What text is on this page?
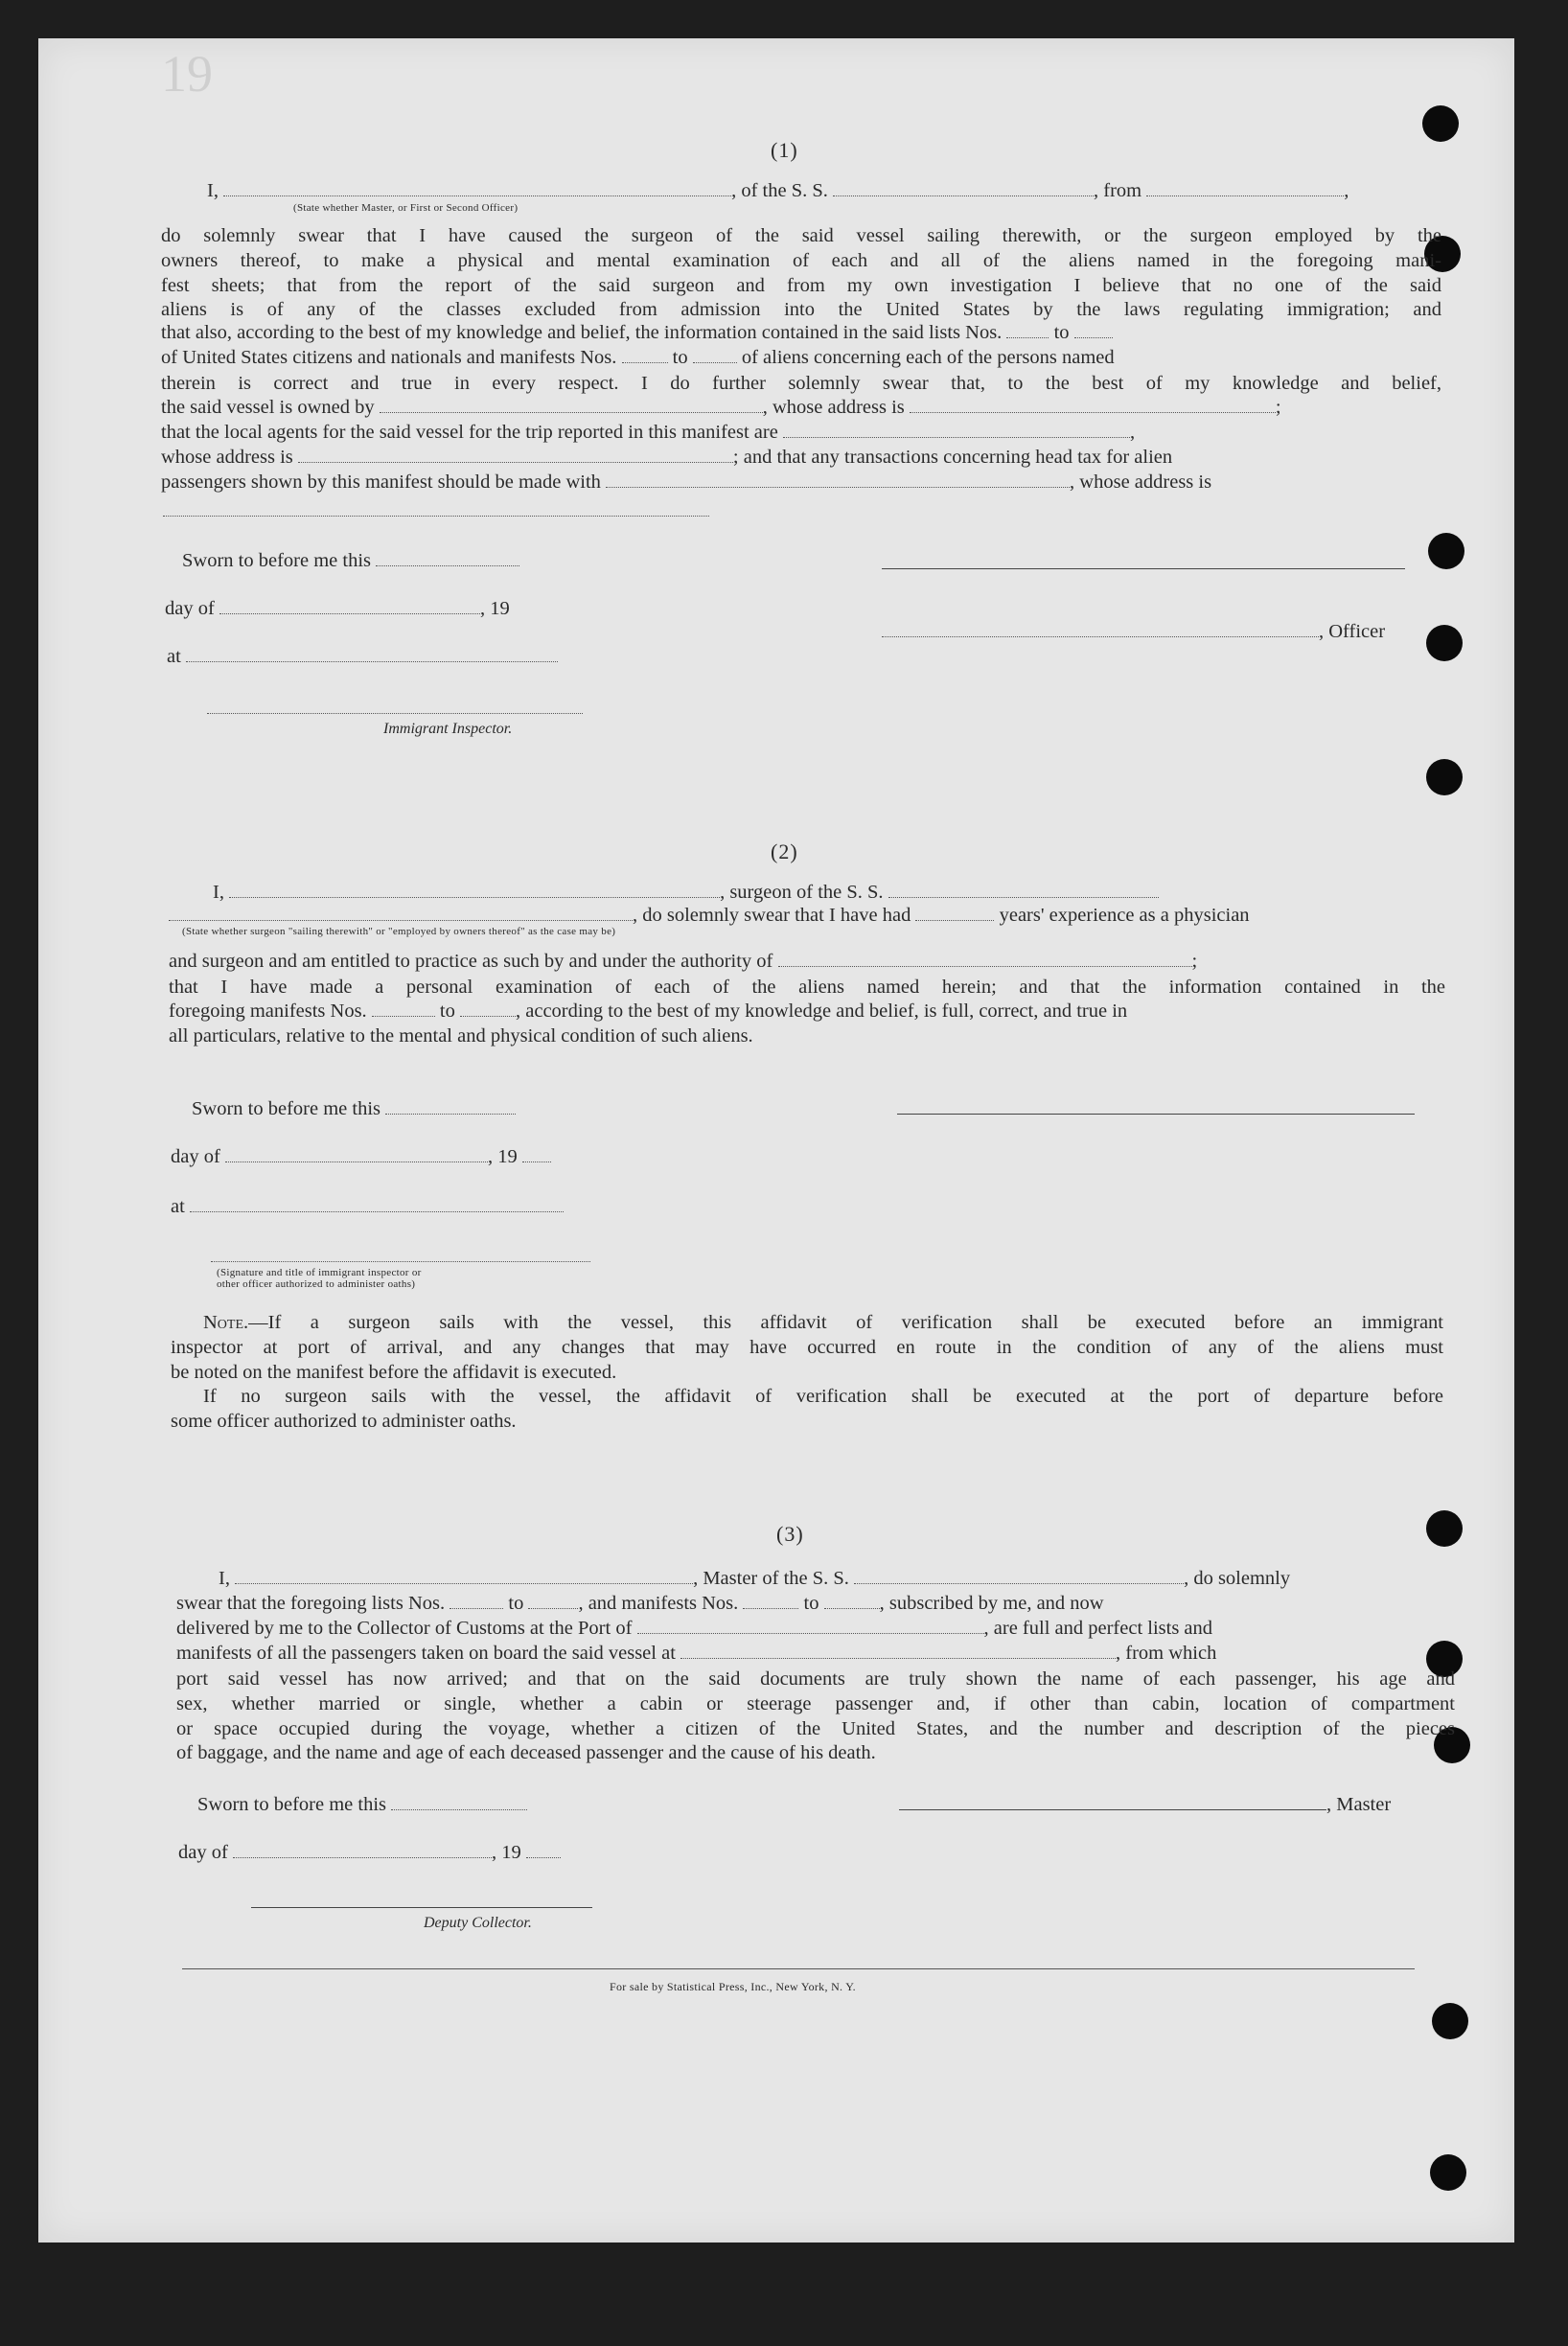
19
(1)
I,	, of the S. S.	, from	,
(State whether Master, or First or Second Officer)
do solemnly swear that I have caused the surgeon of the said vessel sailing therewith, or the surgeon employed by the
owners thereof, to make a physical and mental examination of each and all of the aliens named in the foregoing mani-
fest sheets; that from the report of the said surgeon and from my own investigation I believe that no one of the said
aliens is of any of the classes excluded from admission into the United States by the laws regulating immigration; and
that also, according to the best of my knowledge and belief, the information contained in the said lists Nos.	to
of United States citizens and nationals and manifests Nos.	to	of aliens concerning each of the persons named
therein is correct and true in every respect. I do further solemnly swear that, to the best of my knowledge and belief,
the said vessel is owned by	, whose address is	;
that the local agents for the said vessel for the trip reported in this manifest are	,
whose address is	; and that any transactions concerning head tax for alien
passengers shown by this manifest should be made with	, whose address is
Sworn to before me this
day of	, 19
, Officer
at
Immigrant Inspector.
(2)
I,	, surgeon of the S. S.
, do solemnly swear that I have had	years' experience as a physician
(State whether surgeon "sailing therewith" or "employed by owners thereof" as the case may be)
and surgeon and am entitled to practice as such by and under the authority of	;
that I have made a personal examination of each of the aliens named herein; and that the information contained in the
foregoing manifests Nos.	to	, according to the best of my knowledge and belief, is full, correct, and true in
all particulars, relative to the mental and physical condition of such aliens.
Sworn to before me this
day of	, 19
at
(Signature and title of immigrant inspector or
other officer authorized to administer oaths)
Note.—If a surgeon sails with the vessel, this affidavit of verification shall be executed before an immigrant
inspector at port of arrival, and any changes that may have occurred en route in the condition of any of the aliens must
be noted on the manifest before the affidavit is executed.
If no surgeon sails with the vessel, the affidavit of verification shall be executed at the port of departure before
some officer authorized to administer oaths.
(3)
I,	, Master of the S. S.	, do solemnly
swear that the foregoing lists Nos.	to	, and manifests Nos.	to	, subscribed by me, and now
delivered by me to the Collector of Customs at the Port of	, are full and perfect lists and
manifests of all the passengers taken on board the said vessel at	, from which
port said vessel has now arrived; and that on the said documents are truly shown the name of each passenger, his age and
sex, whether married or single, whether a cabin or steerage passenger and, if other than cabin, location of compartment
or space occupied during the voyage, whether a citizen of the United States, and the number and description of the pieces
of baggage, and the name and age of each deceased passenger and the cause of his death.
Sworn to before me this	, Master
day of	, 19
Deputy Collector.
For sale by Statistical Press, Inc., New York, N. Y.
